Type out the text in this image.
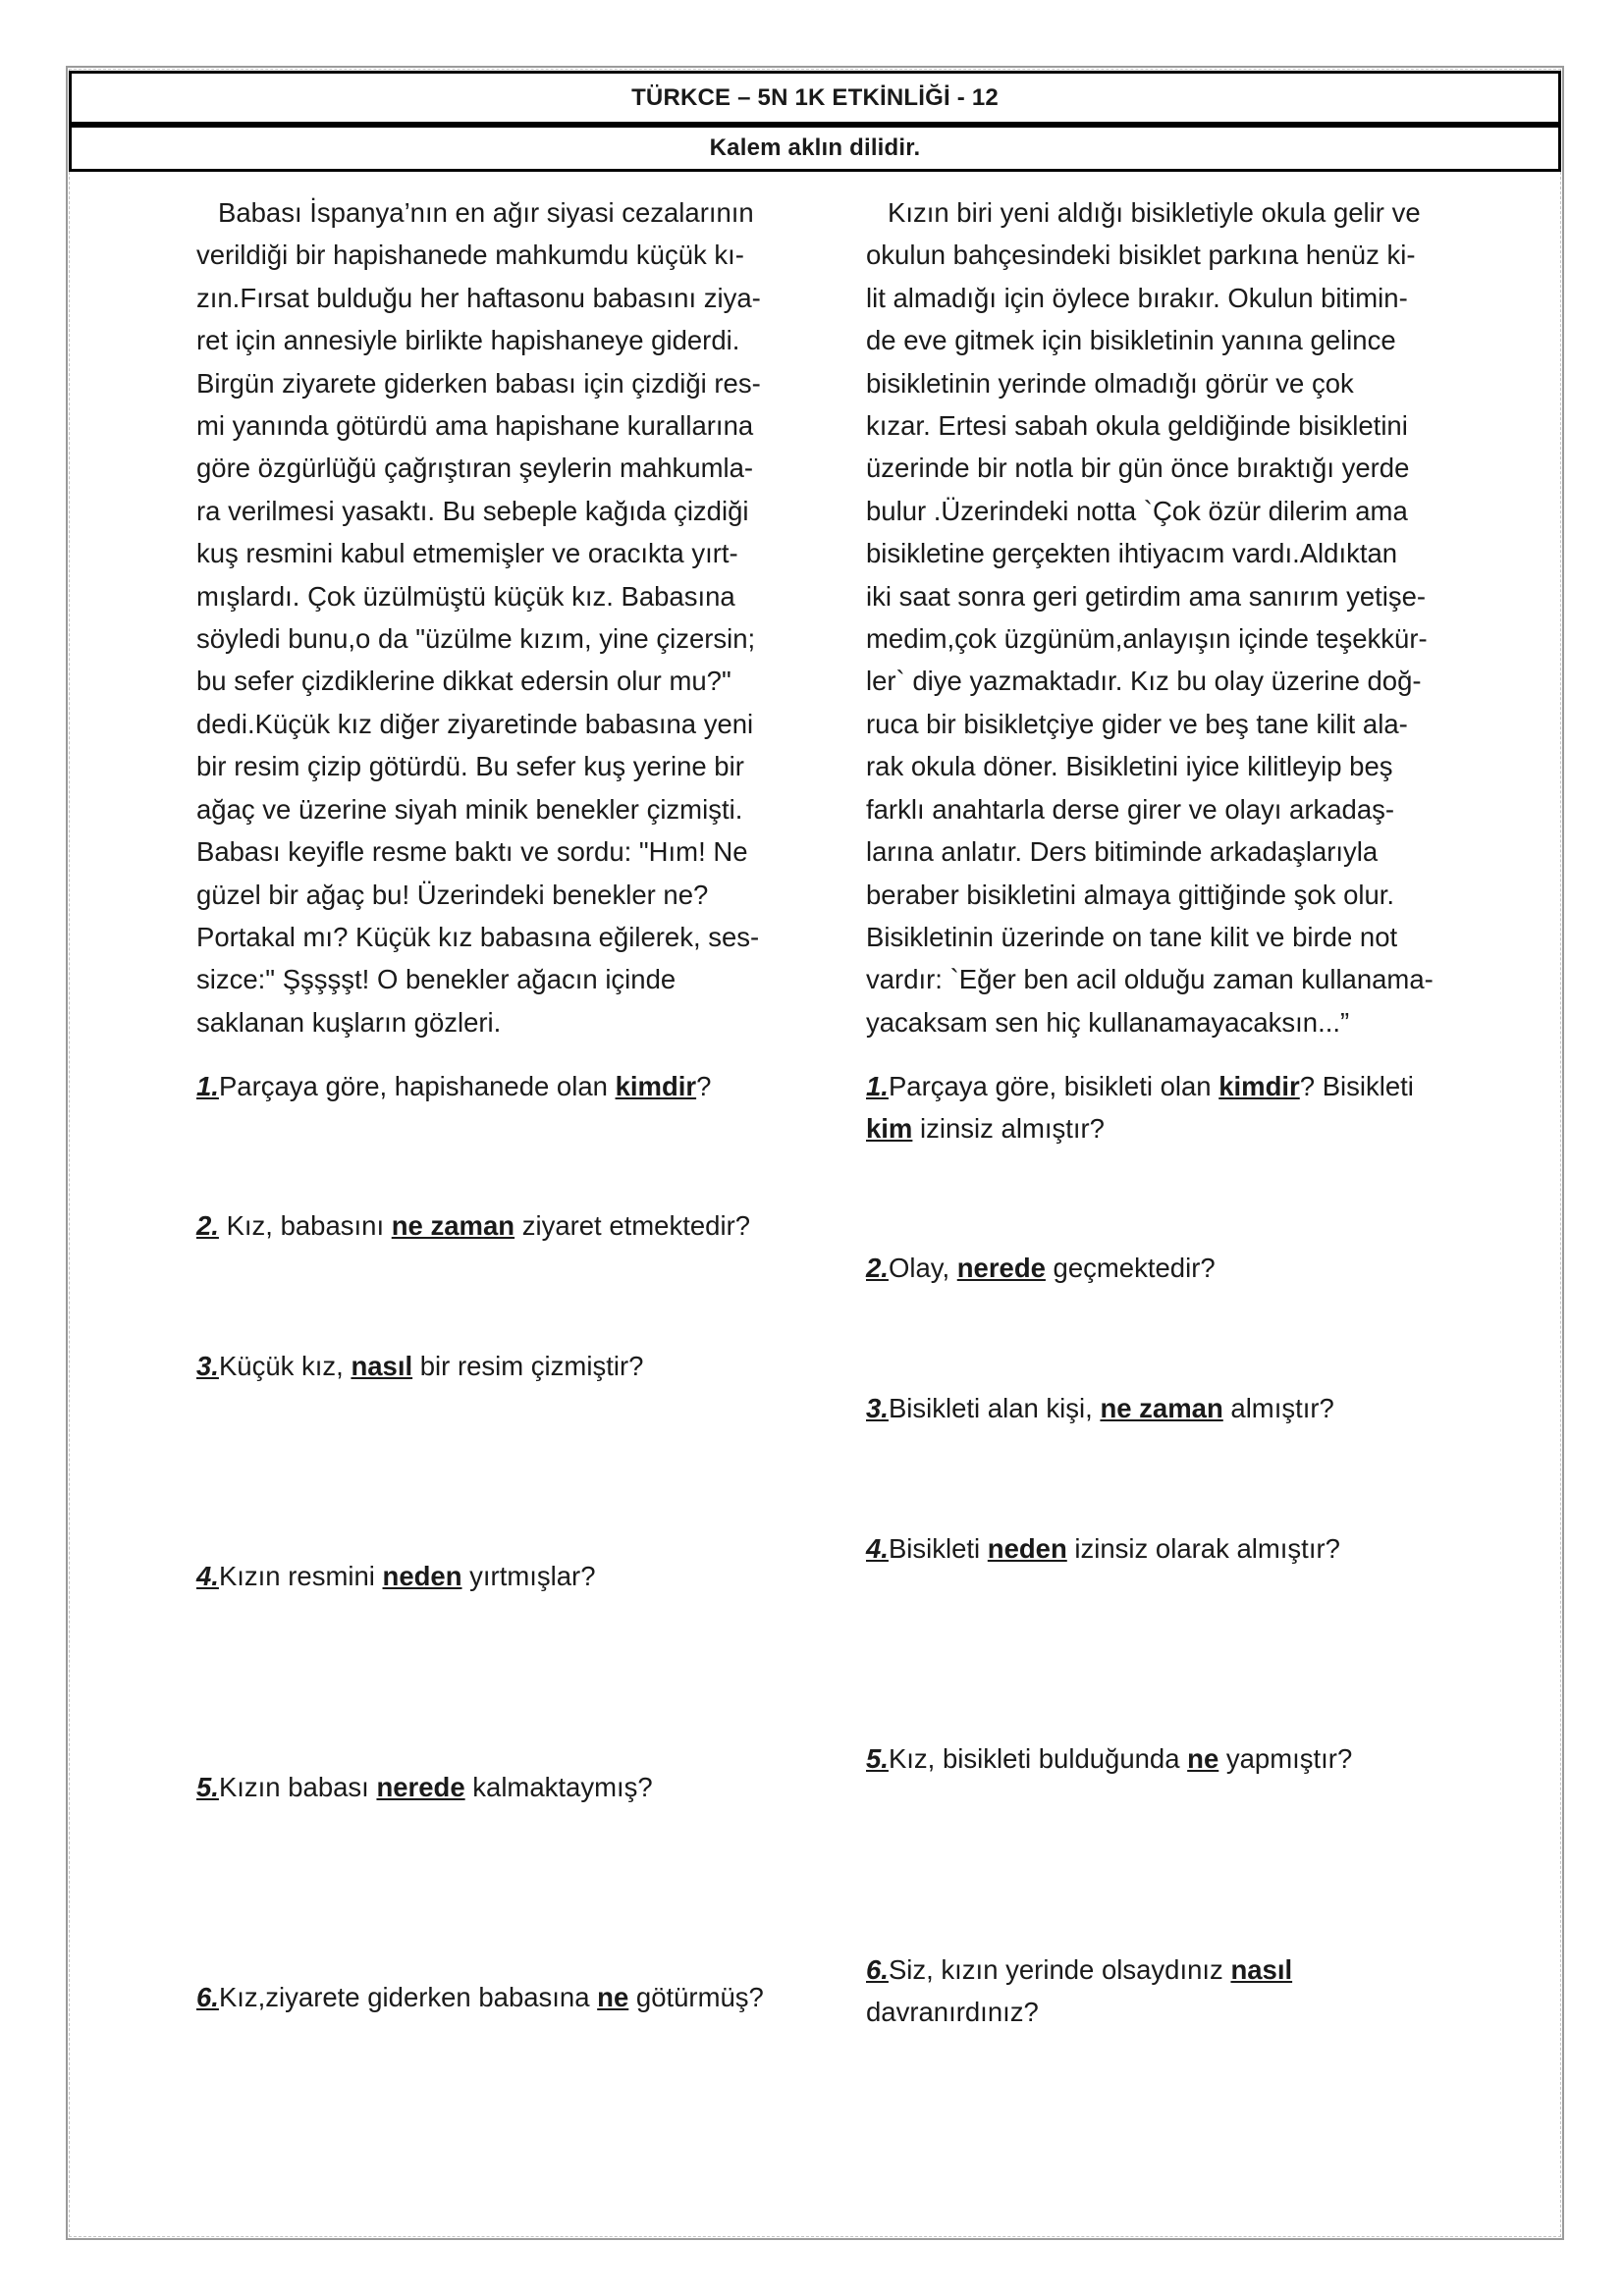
TÜRKCE – 5N 1K ETKİNLİĞİ - 12
Kalem aklın dilidir.

Babası İspanya’nın en ağır siyasi cezalarının
verildiği bir hapishanede mahkumdu küçük kı-
zın.Fırsat bulduğu her haftasonu babasını ziya-
ret için annesiyle birlikte hapishaneye giderdi.
Birgün ziyarete giderken babası için çizdiği res-
mi yanında götürdü ama hapishane kurallarına
göre özgürlüğü çağrıştıran şeylerin mahkumla-
ra verilmesi yasaktı. Bu sebeple kağıda çizdiği
kuş resmini kabul etmemişler ve oracıkta yırt-
mışlardı. Çok üzülmüştü küçük kız. Babasına
söyledi bunu,o da "üzülme kızım, yine çizersin;
bu sefer çizdiklerine dikkat edersin olur mu?"
dedi.Küçük kız diğer ziyaretinde babasına yeni
bir resim çizip götürdü. Bu sefer kuş yerine bir
ağaç ve üzerine siyah minik benekler çizmişti.
Babası keyifle resme baktı ve sordu: "Hım! Ne
güzel bir ağaç bu! Üzerindeki benekler ne?
Portakal mı? Küçük kız babasına eğilerek, ses-
sizce:" Şşşşşt! O benekler ağacın içinde
saklanan kuşların gözleri.

1.Parçaya göre, hapishanede olan kimdir?
2. Kız, babasını ne zaman ziyaret etmektedir?
3.Küçük kız, nasıl bir resim çizmiştir?
4.Kızın resmini neden yırtmışlar?
5.Kızın babası nerede kalmaktaymış?
6.Kız,ziyarete giderken babasına ne götürmüş?

Kızın biri yeni aldığı bisikletiyle okula gelir ve
okulun bahçesindeki bisiklet parkına henüz ki-
lit almadığı için öylece bırakır. Okulun bitimin-
de eve gitmek için bisikletinin yanına gelince
bisikletinin yerinde olmadığı görür ve çok
kızar. Ertesi sabah okula geldiğinde bisikletini
üzerinde bir notla bir gün önce bıraktığı yerde
bulur .Üzerindeki notta `Çok özür dilerim ama
bisikletine gerçekten ihtiyacım vardı.Aldıktan
iki saat sonra geri getirdim ama sanırım yetişe-
medim,çok üzgünüm,anlayışın içinde teşekkür-
ler` diye yazmaktadır. Kız bu olay üzerine doğ-
ruca bir bisikletçiye gider ve beş tane kilit ala-
rak okula döner. Bisikletini iyice kilitleyip beş
farklı anahtarla derse girer ve olayı arkadaş-
larına anlatır. Ders bitiminde arkadaşlarıyla
beraber bisikletini almaya gittiğinde şok olur.
Bisikletinin üzerinde on tane kilit ve birde not
vardır: `Eğer ben acil olduğu zaman kullanama-
yacaksam sen hiç kullanamayacaksın...”

1.Parçaya göre, bisikleti olan kimdir? Bisikleti
kim izinsiz almıştır?
2.Olay, nerede geçmektedir?
3.Bisikleti alan kişi, ne zaman almıştır?
4.Bisikleti neden izinsiz olarak almıştır?
5.Kız, bisikleti bulduğunda ne yapmıştır?
6.Siz, kızın yerinde olsaydınız nasıl
davranırdınız?
